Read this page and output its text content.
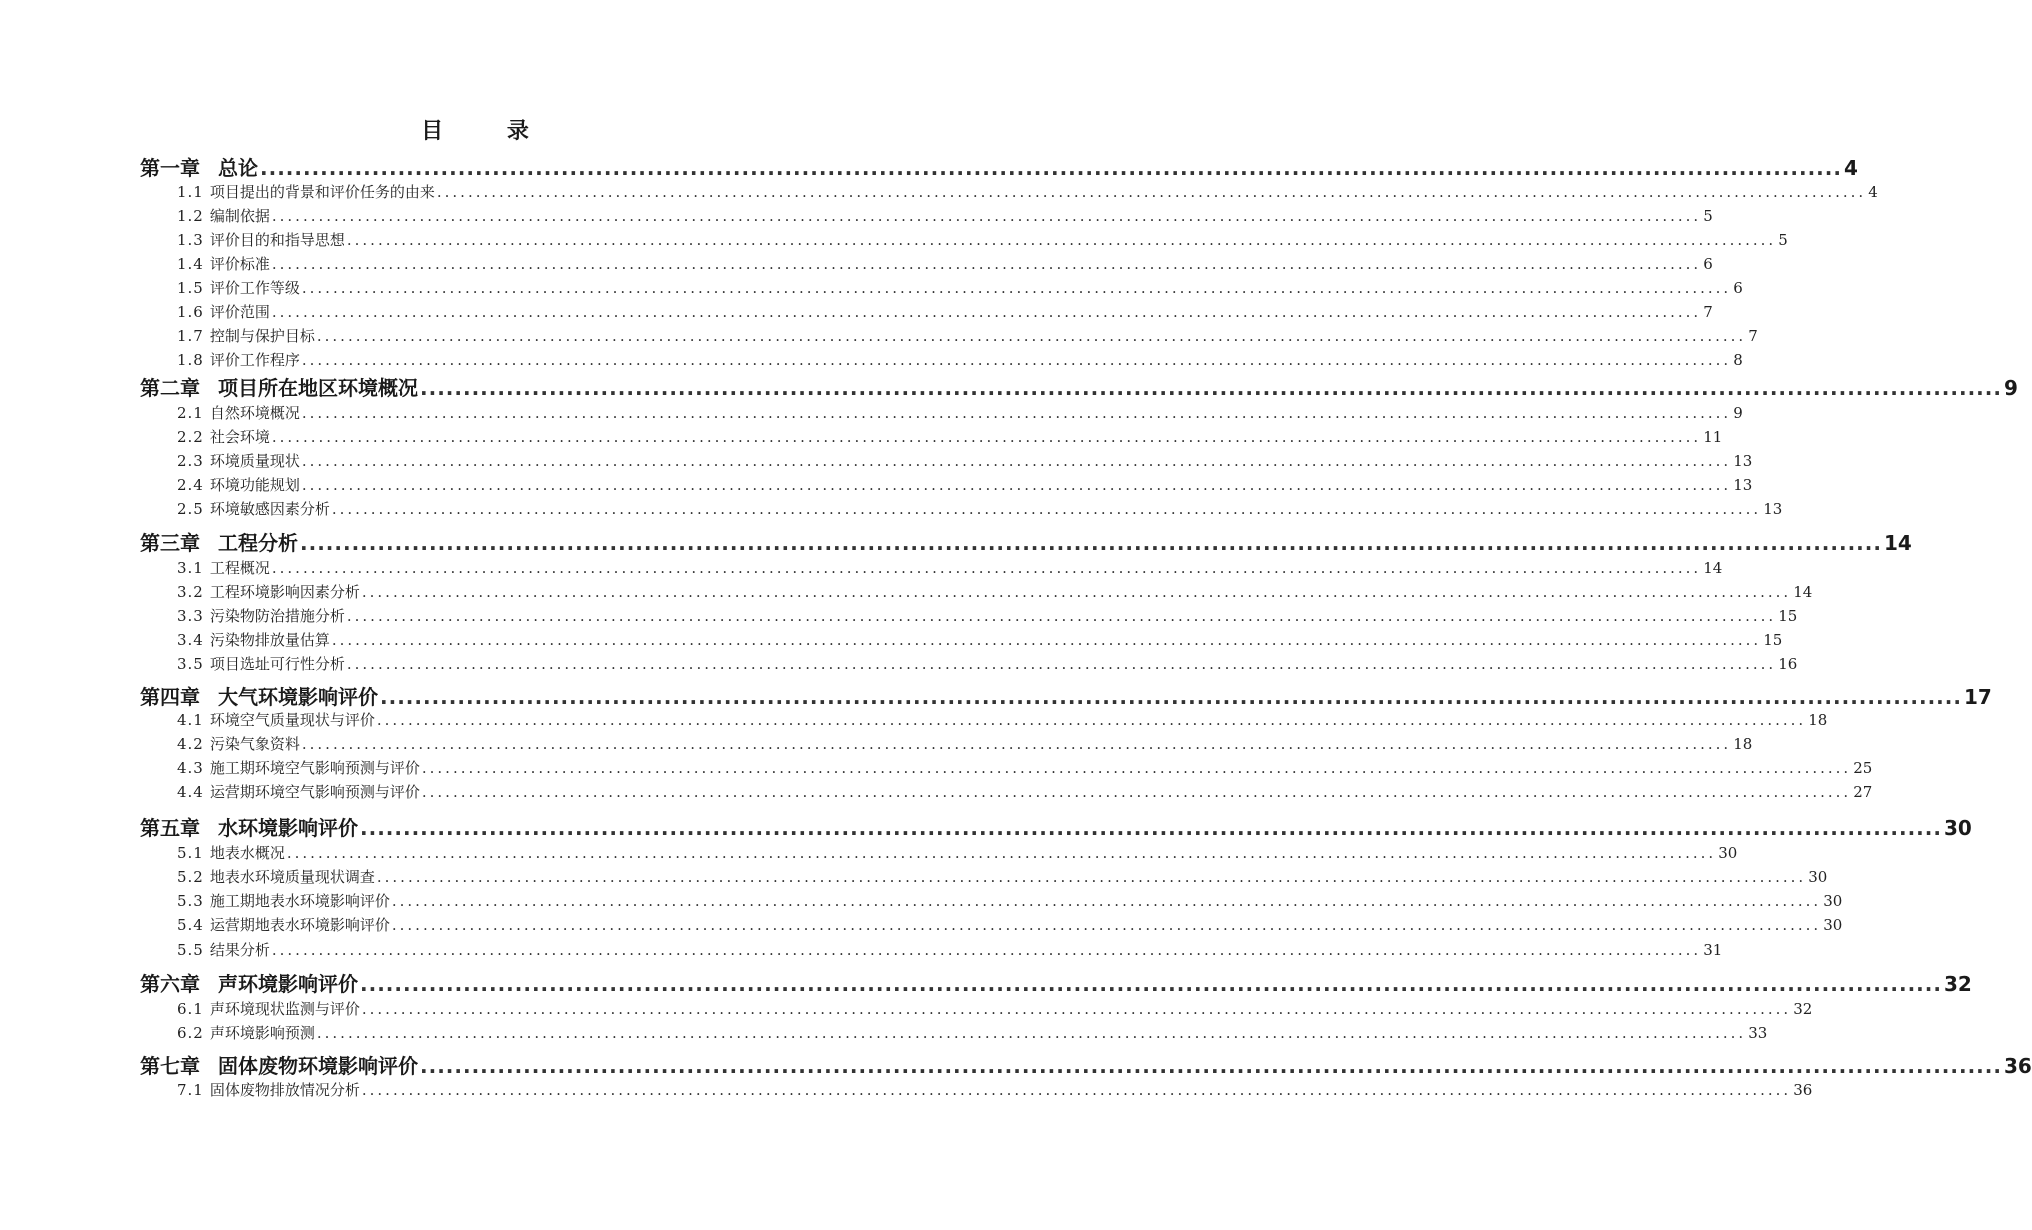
目 录
第一章 总论 ........................................................................................................................................................................................ 4
1.1 项目提出的背景和评价任务的由来 ........................................................................................................................................................................................ 4
1.2 编制依据 ........................................................................................................................................................................................ 5
1.3 评价目的和指导思想 ........................................................................................................................................................................................ 5
1.4 评价标准 ........................................................................................................................................................................................ 6
1.5 评价工作等级 ........................................................................................................................................................................................ 6
1.6 评价范围 ........................................................................................................................................................................................ 7
1.7 控制与保护目标 ........................................................................................................................................................................................ 7
1.8 评价工作程序 ........................................................................................................................................................................................ 8
第二章 项目所在地区环境概况 ........................................................................................................................................................................................ 9
2.1 自然环境概况 ........................................................................................................................................................................................ 9
2.2 社会环境 ........................................................................................................................................................................................ 11
2.3 环境质量现状 ........................................................................................................................................................................................ 13
2.4 环境功能规划 ........................................................................................................................................................................................ 13
2.5 环境敏感因素分析 ........................................................................................................................................................................................ 13
第三章 工程分析 ........................................................................................................................................................................................ 14
3.1 工程概况 ........................................................................................................................................................................................ 14
3.2 工程环境影响因素分析 ........................................................................................................................................................................................ 14
3.3 污染物防治措施分析 ........................................................................................................................................................................................ 15
3.4 污染物排放量估算 ........................................................................................................................................................................................ 15
3.5 项目选址可行性分析 ........................................................................................................................................................................................ 16
第四章 大气环境影响评价 ........................................................................................................................................................................................ 17
4.1 环境空气质量现状与评价 ........................................................................................................................................................................................ 18
4.2 污染气象资料 ........................................................................................................................................................................................ 18
4.3 施工期环境空气影响预测与评价 ........................................................................................................................................................................................ 25
4.4 运营期环境空气影响预测与评价 ........................................................................................................................................................................................ 27
第五章 水环境影响评价 ........................................................................................................................................................................................ 30
5.1 地表水概况 ........................................................................................................................................................................................ 30
5.2 地表水环境质量现状调查 ........................................................................................................................................................................................ 30
5.3 施工期地表水环境影响评价 ........................................................................................................................................................................................ 30
5.4 运营期地表水环境影响评价 ........................................................................................................................................................................................ 30
5.5 结果分析 ........................................................................................................................................................................................ 31
第六章 声环境影响评价 ........................................................................................................................................................................................ 32
6.1 声环境现状监测与评价 ........................................................................................................................................................................................ 32
6.2 声环境影响预测 ........................................................................................................................................................................................ 33
第七章 固体废物环境影响评价 ........................................................................................................................................................................................ 36
7.1 固体废物排放情况分析 ........................................................................................................................................................................................ 36
